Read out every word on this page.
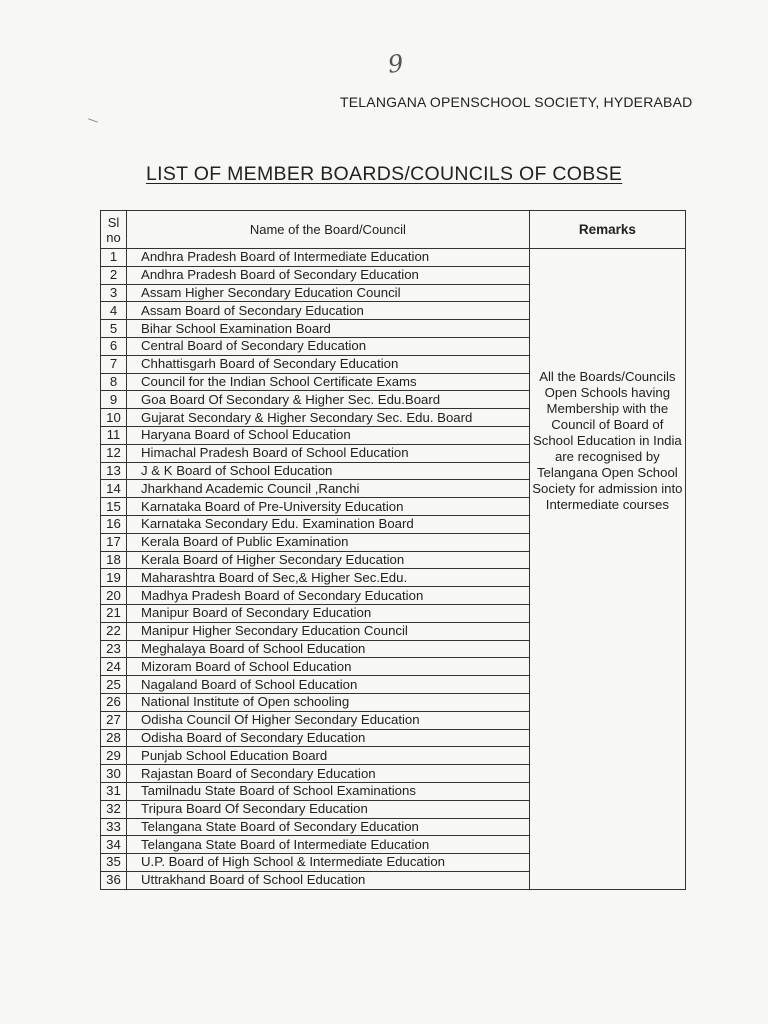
9
TELANGANA OPENSCHOOL SOCIETY, HYDERABAD
LIST OF MEMBER BOARDS/COUNCILS OF COBSE
Sl
no	Name of the Board/Council	Remarks
1	Andhra Pradesh Board of Intermediate Education	All the Boards/Councils Open Schools having Membership with the Council of Board of School Education in India are recognised by Telangana Open School Society for admission into Intermediate courses
2	Andhra Pradesh Board of Secondary Education	
3	Assam Higher Secondary Education Council	
4	Assam Board of Secondary Education	
5	Bihar School Examination Board	
6	Central Board of Secondary Education	
7	Chhattisgarh Board of Secondary Education	
8	Council for the Indian School Certificate Exams	
9	Goa Board Of Secondary & Higher Sec. Edu.Board	
10	Gujarat Secondary & Higher Secondary Sec. Edu. Board	
11	Haryana Board of School Education	
12	Himachal Pradesh Board of School Education	
13	J & K Board of School Education	
14	Jharkhand Academic Council ,Ranchi	
15	Karnataka Board of Pre-University Education	
16	Karnataka Secondary Edu. Examination Board	
17	Kerala Board of Public Examination	
18	Kerala Board of Higher Secondary Education	
19	Maharashtra Board of Sec,& Higher Sec.Edu.	
20	Madhya Pradesh Board of Secondary Education	
21	Manipur Board of Secondary Education	
22	Manipur Higher Secondary Education Council	
23	Meghalaya Board of School Education	
24	Mizoram Board of School Education	
25	Nagaland Board of School Education	
26	National Institute of Open schooling	
27	Odisha Council Of Higher Secondary Education	
28	Odisha Board of Secondary Education	
29	Punjab School Education Board	
30	Rajastan Board of Secondary Education	
31	Tamilnadu State Board of School Examinations	
32	Tripura Board Of Secondary Education	
33	Telangana State Board of Secondary Education	
34	Telangana State Board of Intermediate Education	
35	U.P. Board of High School & Intermediate Education	
36	Uttrakhand Board of School Education	
